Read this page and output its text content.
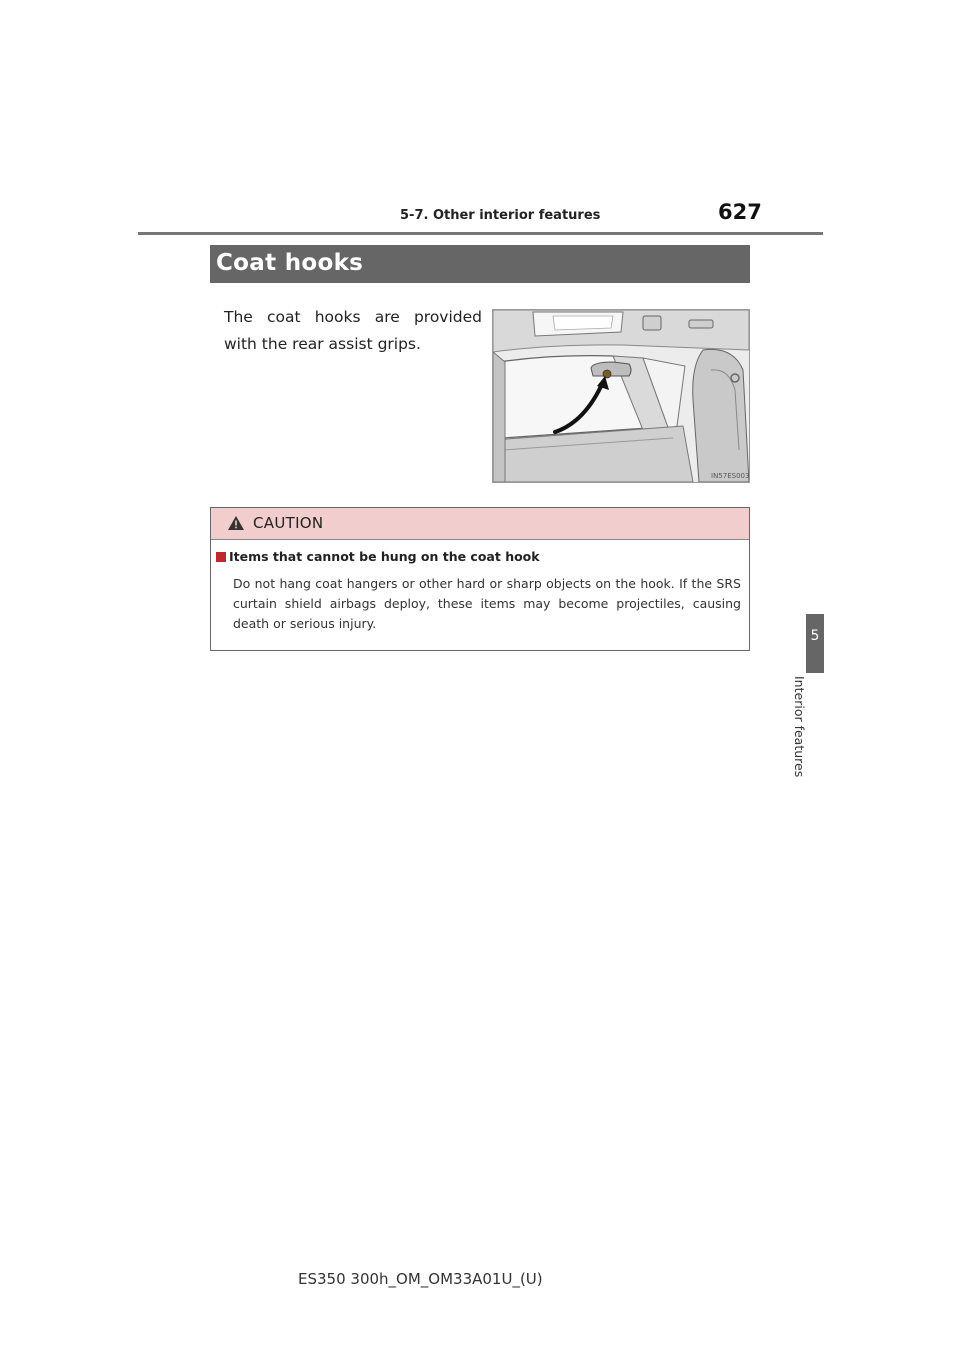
5-7. Other interior features	627
Coat hooks
The coat hooks are provided with the rear assist grips.
IN57ES003
CAUTION
Items that cannot be hung on the coat hook
Do not hang coat hangers or other hard or sharp objects on the hook. If the SRS curtain shield airbags deploy, these items may become projectiles, causing death or serious injury.
5
Interior features
ES350 300h_OM_OM33A01U_(U)
